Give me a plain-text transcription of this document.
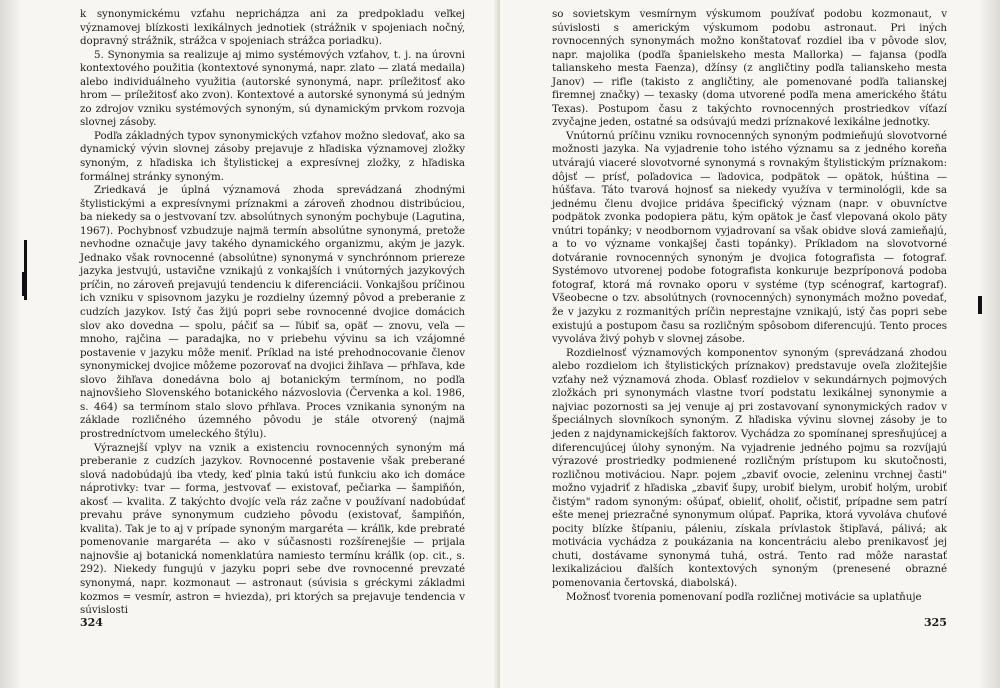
k synonymickému vzťahu nepricháдza ani za predpokladu veľkej významovej blízkosti lexikálnych jednotiek (strážnik v spojeniach nočný, dopravný strážnik, strážca v spojeniach strážca poriadku).

5. Synonymia sa realizuje aj mimo systémových vzťahov, t. j. na úrovni kontextového použitia (kontextové synonymá, napr. zlato — zlatá medaila) alebo individuálneho využitia (autorské synonymá, napr. príležitosť ako hrom — príležitosť ako zvon). Kontextové a autorské synonymá sú jedným zo zdrojov vzniku systémových synoným, sú dynamickým prvkom rozvoja slovnej zásoby.

Podľa základných typov synonymických vzťahov možno sledovať, ako sa dynamický vývin slovnej zásoby prejavuje z hľadiska významovej zložky synoným, z hľadiska ich štylistickej a expresívnej zložky, z hľadiska formálnej stránky synoným.

Zriedkavá je úplná významová zhoda sprevádzaná zhodnými štylistickými a expresívnymi príznakmi a zároveň zhodnou distribúciou, ba niekedy sa o jestvovaní tzv. absolútnych synoným pochybuje (Lagutina, 1967). Pochybnosť vzbudzuje najmä termín absolútne synonymá, pretože nevhodne označuje javy takého dynamického organizmu, akým je jazyk. Jednako však rovnocenné (absolútne) synonymá v synchrónnom priereze jazyka jestvujú, ustavičnе vznikajú z vonkajších i vnútorných jazykových príčin, no zároveň prejavujú tendenciu k diferenciácii. Vonkajšou príčinou ich vzniku v spisovnom jazyku je rozdielny územný pôvod a preberanie z cudzích jazykov. Istý čas žijú popri sebe rovnocenné dvojice domácich slov ako dovedna — spolu, páčiť sa — ľúbiť sa, opäť — znovu, veľa — mnoho, rajčina — paradajka, no v priebehu vývinu sa ich vzájomné postavenie v jazyku môže meniť. Príklad na isté prehodnocovanie členov synonymickej dvojice môžeme pozorovať na dvojici žihľava — pŕhľava, kde slovo žihľava donedávna bolo aj botanickým termínom, no podľa najnovšieho Slovenského botanického názvoslovia (Červenka a kol. 1986, s. 464) sa termínom stalo slovo pŕhľava. Proces vznikania synoným na základe rozličného územného pôvodu je stále otvorený (najmä prostredníctvom umeleckého štýlu).

Výraznejší vplyv na vznik a existenciu rovnocenných synoným má preberanie z cudzích jazykov. Rovnocenné postavenie však preberané slová nadobúdajú iba vtedy, keď plnia takú istú funkciu ako ich domáce náprotivky: tvar — forma, jestvovať — existovať, pečiarka — šampiňón, akosť — kvalita. Z takýchto dvojíc veľa ráz začne v používaní nadobúdať prevahu práve synonymum cudzieho pôvodu (existovať, šampiňón, kvalita). Tak je to aj v prípade synoným margaréta — kráľik, kde prebraté pomenovanie margaréta — ako v súčasnosti rozšírenejšie — prijala najnovšie aj botanická nomenklatúra namiesto termínu kráľik (op. cit., s. 292). Niekedy fungujú v jazyku popri sebe dve rovnocenné prevzaté synonymá, napr. kozmonaut — astronaut (súvisia s gréckymi základmi kozmos = vesmír, astron = hviezda), pri ktorých sa prejavuje tendencia v súvislosti

324

so sovietskym vesmírnym výskumom používať podobu kozmonaut, v súvislosti s americkým výskumom podobu astronaut. Pri iných rovnocenných synonymách možno konštatovať rozdiel iba v pôvode slov, napr. majolika (podľa španielskeho mesta Mallorka) — fajansa (podľa talianskeho mesta Faenza), džínsy (z angličtiny podľa talianskeho mesta Janov) — rifle (takisto z angličtiny, ale pomenované podľa talianskej firemnej značky) — texasky (doma utvorené podľa mena amerického štátu Texas). Postupom času z takýchto rovnocenných prostriedkov víťazí zvyčajne jeden, ostatné sa odsúvajú medzi príznakové lexikálne jednotky.

Vnútornú príčinu vzniku rovnocenných synoným podmieňujú slovotvorné možnosti jazyka. Na vyjadrenie toho istého významu sa z jedného koreňa utvárajú viaceré slovotvorné synonymá s rovnakým štylistickým príznakom: dôjsť — prísť, poľadovica — ľadovica, podpätok — opätok, húština — húšťava. Táto tvarová hojnosť sa niekedy využíva v terminológii, kde sa jednému členu dvojice pridáva špecifický význam (napr. v obuvníctve podpätok zvonka podopiera pätu, kým opätok je časť vlepovaná okolo päty vnútri topánky; v neodbornom vyjadrovaní sa však obidve slová zamieňajú, a to vo význame vonkajšej časti topánky). Príkladom na slovotvorné dotváranie rovnocenných synoným je dvojica fotografista — fotograf. Systémovo utvorenej podobe fotografista konkuruje bezpríponová podoba fotograf, ktorá má rovnako oporu v systéme (typ scénograf, kartograf). Všeobecne o tzv. absolútnych (rovnocenných) synonymách možno povedať, že v jazyku z rozmanitých príčin neprestajne vznikajú, istý čas popri sebe existujú a postupom času sa rozličným spôsobom diferencujú. Tento proces vyvoláva živý pohyb v slovnej zásobe.

Rozdielnosť významových komponentov synoným (sprevádzaná zhodou alebo rozdielom ich štylistických príznakov) predstavuje oveľa zložitejšie vzťahy než významová zhoda. Oblasť rozdielov v sekundárnych pojmových zložkách pri synonymách vlastne tvorí podstatu lexikálnej synonymie a najviac pozornosti sa jej venuje aj pri zostavovaní synonymických radov v špeciálnych slovníkoch synoným. Z hľadiska vývinu slovnej zásoby je to jeden z najdynamickejších faktorov. Vychádza zo spomínanej spresňujúcej a diferencujúcej úlohy synoným. Na vyjadrenie jedného pojmu sa rozvíjajú výrazové prostriedky podmienené rozličným prístupom ku skutočnosti, rozličnou motiváciou. Napr. pojem „zbaviť ovocie, zeleninu vrchnej časti" možno vyjadriť z hľadiska „zbaviť šupy, urobiť bielym, urobiť holým, urobiť čistým" radom synoným: ošúpať, obieliť, oholiť, očistiť, prípadne sem patrí ešte menej priezračné synonymum olúpať. Paprika, ktorá vyvoláva chuťové pocity blízke štípaniu, páleniu, získala prívlastok štipľavá, pálivá; ak motivácia vychádza z poukázania na koncentráciu alebo prenikavosť jej chuti, dostávame synonymá tuhá, ostrá. Tento rad môže narastať lexikalizáciou ďalších kontextových synoným (prenesené obrazné pomenovania čertovská, diabolská).

Možnosť tvorenia pomenovaní podľa rozličnej motivácie sa uplatňuje

325
